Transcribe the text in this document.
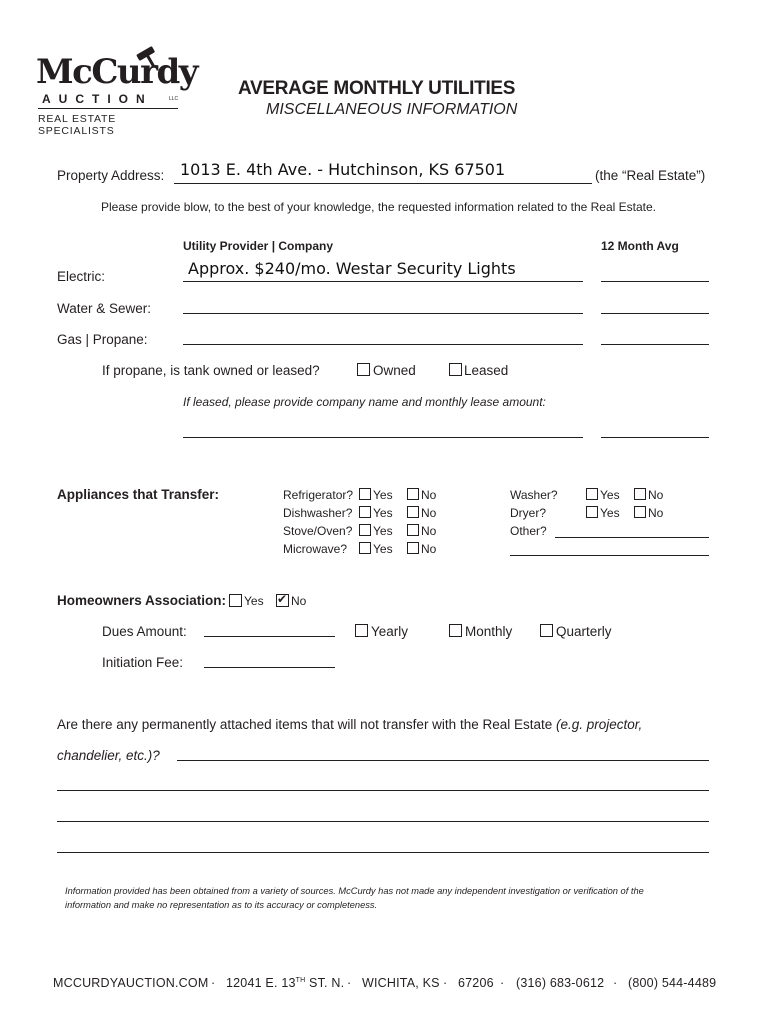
McCurdy
AUCTION	LLC
REAL ESTATE SPECIALISTS
AVERAGE MONTHLY UTILITIES
MISCELLANEOUS INFORMATION
Property Address: 1013 E. 4th Ave. - Hutchinson, KS 67501	(the “Real Estate”)
Please provide blow, to the best of your knowledge, the requested information related to the Real Estate.
Utility Provider | Company	12 Month Avg
Electric:	Approx. $240/mo. Westar Security Lights
Water & Sewer:
Gas | Propane:
If propane, is tank owned or leased?	Owned	Leased
If leased, please provide company name and monthly lease amount:
Appliances that Transfer:	Refrigerator? Yes No
Dishwasher? Yes No
Stove/Oven? Yes No
Microwave? Yes No
Washer?	Yes No
Dryer?	Yes No
Other?
Homeowners Association: Yes ✔ No
Dues Amount:	Yearly	Monthly	Quarterly
Initiation Fee:
Are there any permanently attached items that will not transfer with the Real Estate (e.g. projector,
chandelier, etc.)?
Information provided has been obtained from a variety of sources. McCurdy has not made any independent investigation or verification of the
information and make no representation as to its accuracy or completeness.
MCCURDYAUCTION.COM · 12041 E. 13TH ST. N. · WICHITA, KS · 67206 · (316) 683-0612 · (800) 544-4489
